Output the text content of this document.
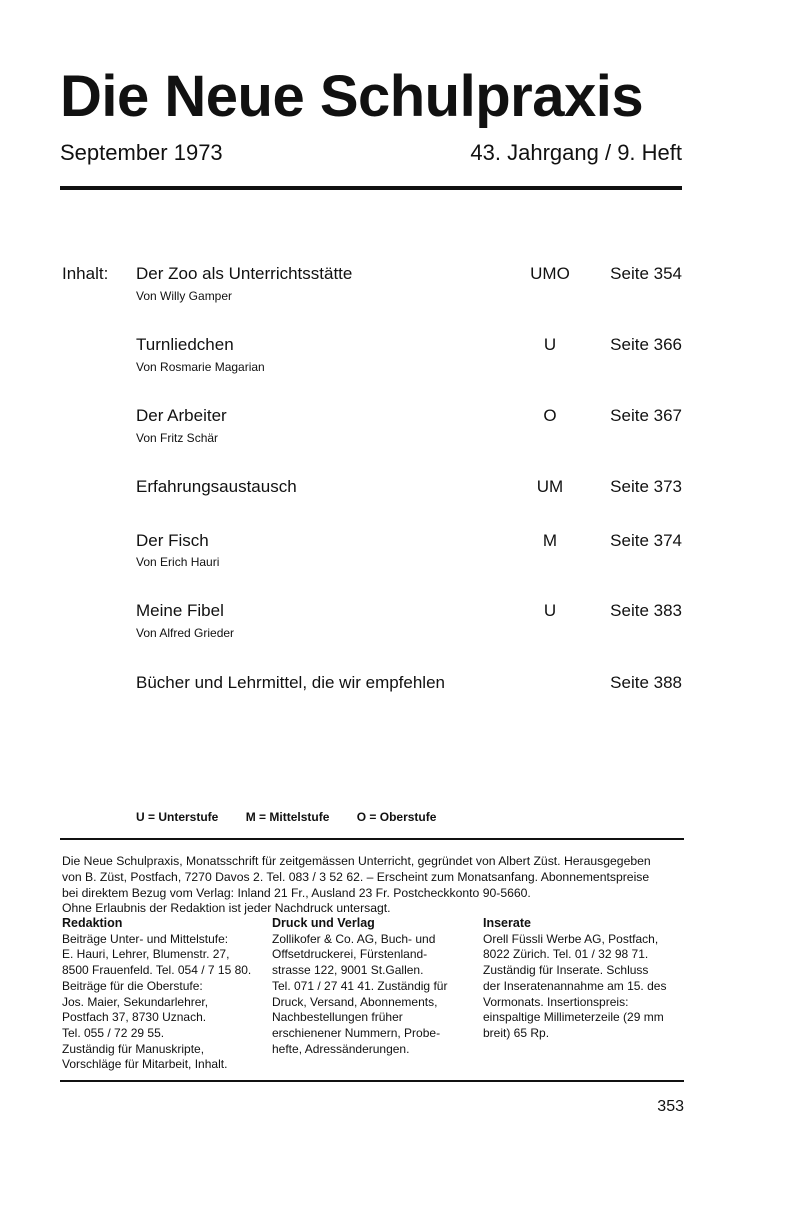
Die Neue Schulpraxis
September 1973	43. Jahrgang / 9. Heft
Inhalt: Der Zoo als Unterrichtsstätte
Von Willy Gamper
UMO	Seite 354
Turnliedchen
Von Rosmarie Magarian
U	Seite 366
Der Arbeiter
Von Fritz Schär
O	Seite 367
Erfahrungsaustausch	UM	Seite 373
Der Fisch
Von Erich Hauri
M	Seite 374
Meine Fibel
Von Alfred Grieder
U	Seite 383
Bücher und Lehrmittel, die wir empfehlen	Seite 388
U = Unterstufe M = Mittelstufe O = Oberstufe
Die Neue Schulpraxis, Monatsschrift für zeitgemässen Unterricht, gegründet von Albert Züst. Herausgegeben
von B. Züst, Postfach, 7270 Davos 2. Tel. 083 / 3 52 62. – Erscheint zum Monatsanfang. Abonnementspreise
bei direktem Bezug vom Verlag: Inland 21 Fr., Ausland 23 Fr. Postcheckkonto 90-5660.
Ohne Erlaubnis der Redaktion ist jeder Nachdruck untersagt.
Redaktion

Beiträge Unter- und Mittelstufe:

E. Hauri, Lehrer, Blumenstr. 27,

8500 Frauenfeld. Tel. 054 / 7 15 80.

Beiträge für die Oberstufe:

Jos. Maier, Sekundarlehrer,

Postfach 37, 8730 Uznach.

Tel. 055 / 72 29 55.

Zuständig für Manuskripte,

Vorschläge für Mitarbeit, Inhalt.

Druck und Verlag

Zollikofer & Co. AG, Buch- und

Offsetdruckerei, Fürstenland-

strasse 122, 9001 St.Gallen.

Tel. 071 / 27 41 41. Zuständig für

Druck, Versand, Abonnements,

Nachbestellungen früher

erschienener Nummern, Probe-

hefte, Adressänderungen.

Inserate

Orell Füssli Werbe AG, Postfach,

8022 Zürich. Tel. 01 / 32 98 71.

Zuständig für Inserate. Schluss

der Inseratenannahme am 15. des

Vormonats. Insertionspreis:

einspaltige Millimeterzeile (29 mm

breit) 65 Rp.

353
